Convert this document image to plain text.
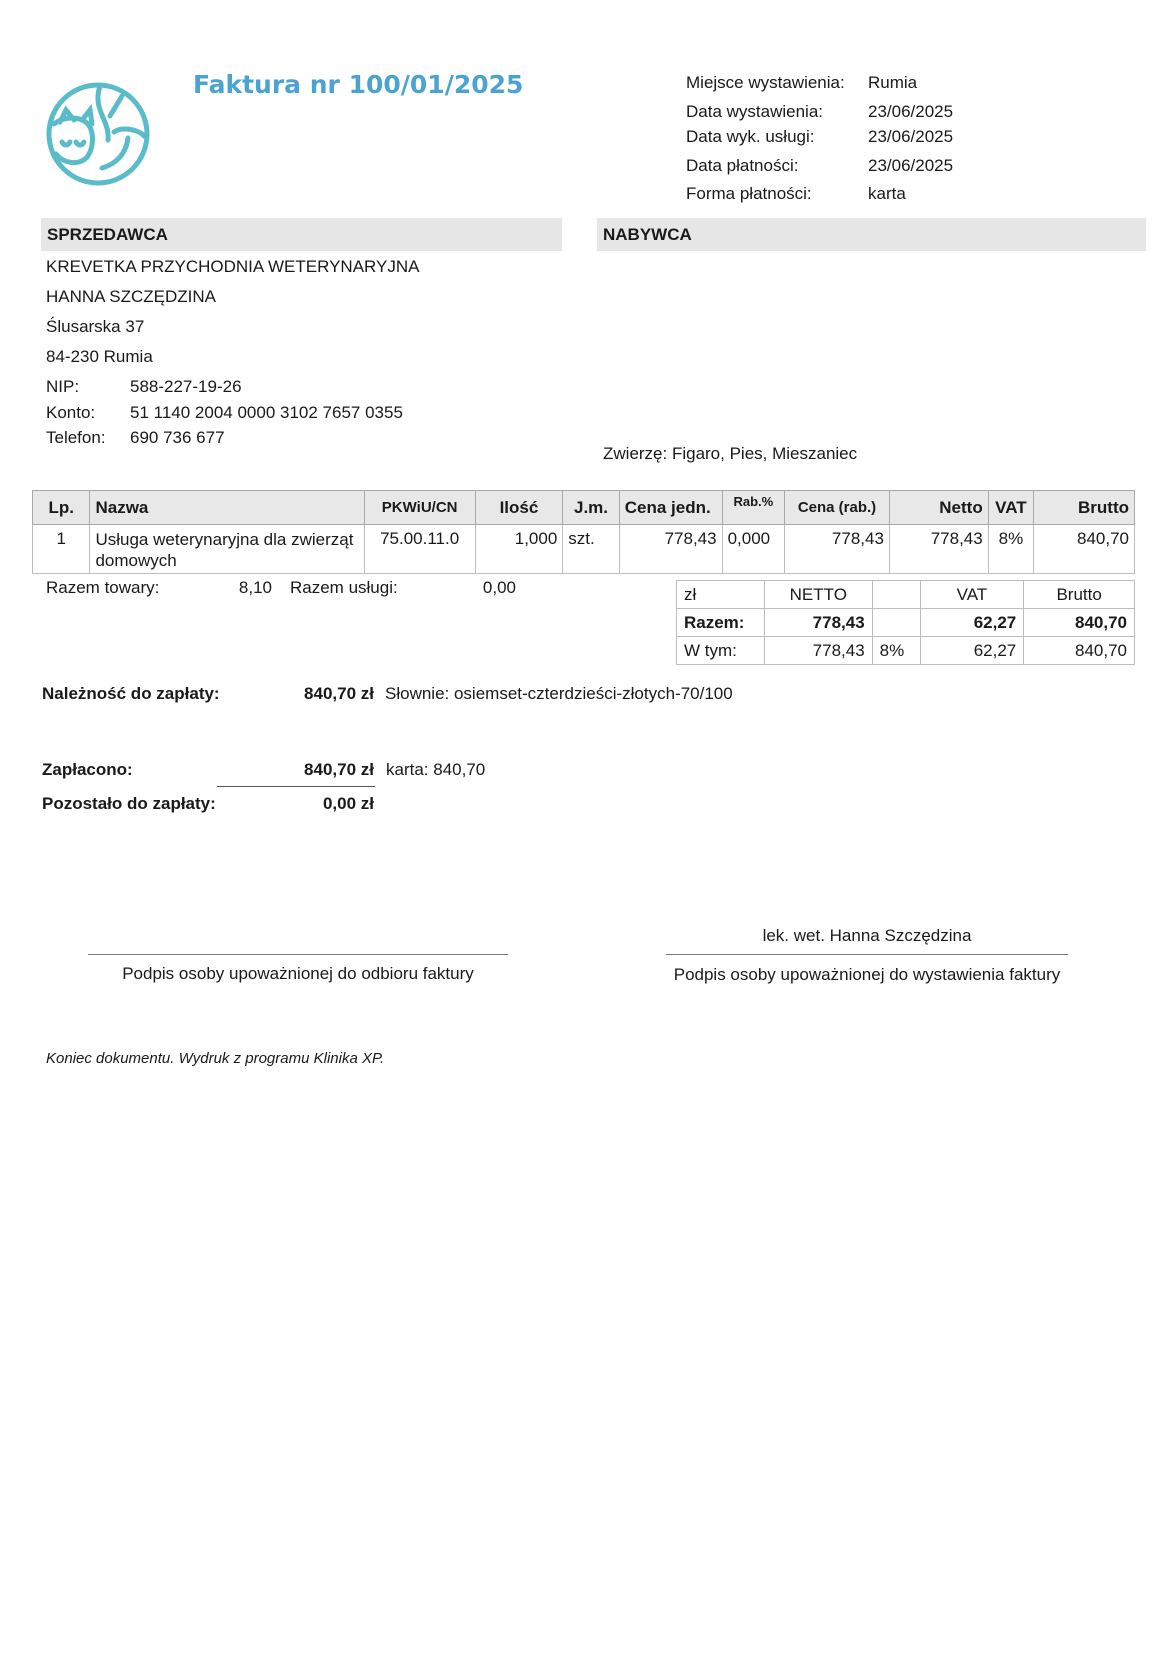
Faktura nr 100/01/2025	Miejsce wystawienia: Rumia
Data wystawienia:	23/06/2025
Data wyk. usługi:	23/06/2025
Data płatności:	23/06/2025
Forma płatności:	karta
SPRZEDAWCA
KREVETKA PRZYCHODNIA WETERYNARYJNA
HANNA SZCZĘDZINA
Ślusarska 37
84-230 Rumia
NIP:	588-227-19-26
Konto: 51 1140 2004 0000 3102 7657 0355
Telefon: 690 736 677
NABYWCA
Zwierzę: Figaro, Pies, Mieszaniec
Lp.	Nazwa	PKWiU/CN	Ilość	J.m.	Cena jedn.	Rab.%	Cena (rab.)	Netto	VAT	Brutto
1	Usługa weterynaryjna dla zwierząt domowych	75.00.11.0	1,000	szt.	778,43	0,000	778,43	778,43	8%	840,70
Razem towary:	8,10 Razem usługi:	0,00	zł	NETTO		VAT	Brutto
Razem:	778,43		62,27	840,70
W tym:	778,43	8%	62,27	840,70
Należność do zapłaty:	840,70 zł Słownie: osiemset-czterdzieści-złotych-70/100
Zapłacono:	840,70 zł karta: 840,70
Pozostało do zapłaty:	0,00 zł
Podpis osoby upoważnionej do odbioru faktury
lek. wet. Hanna Szczędzina
Podpis osoby upoważnionej do wystawienia faktury
Koniec dokumentu. Wydruk z programu Klinika XP.
